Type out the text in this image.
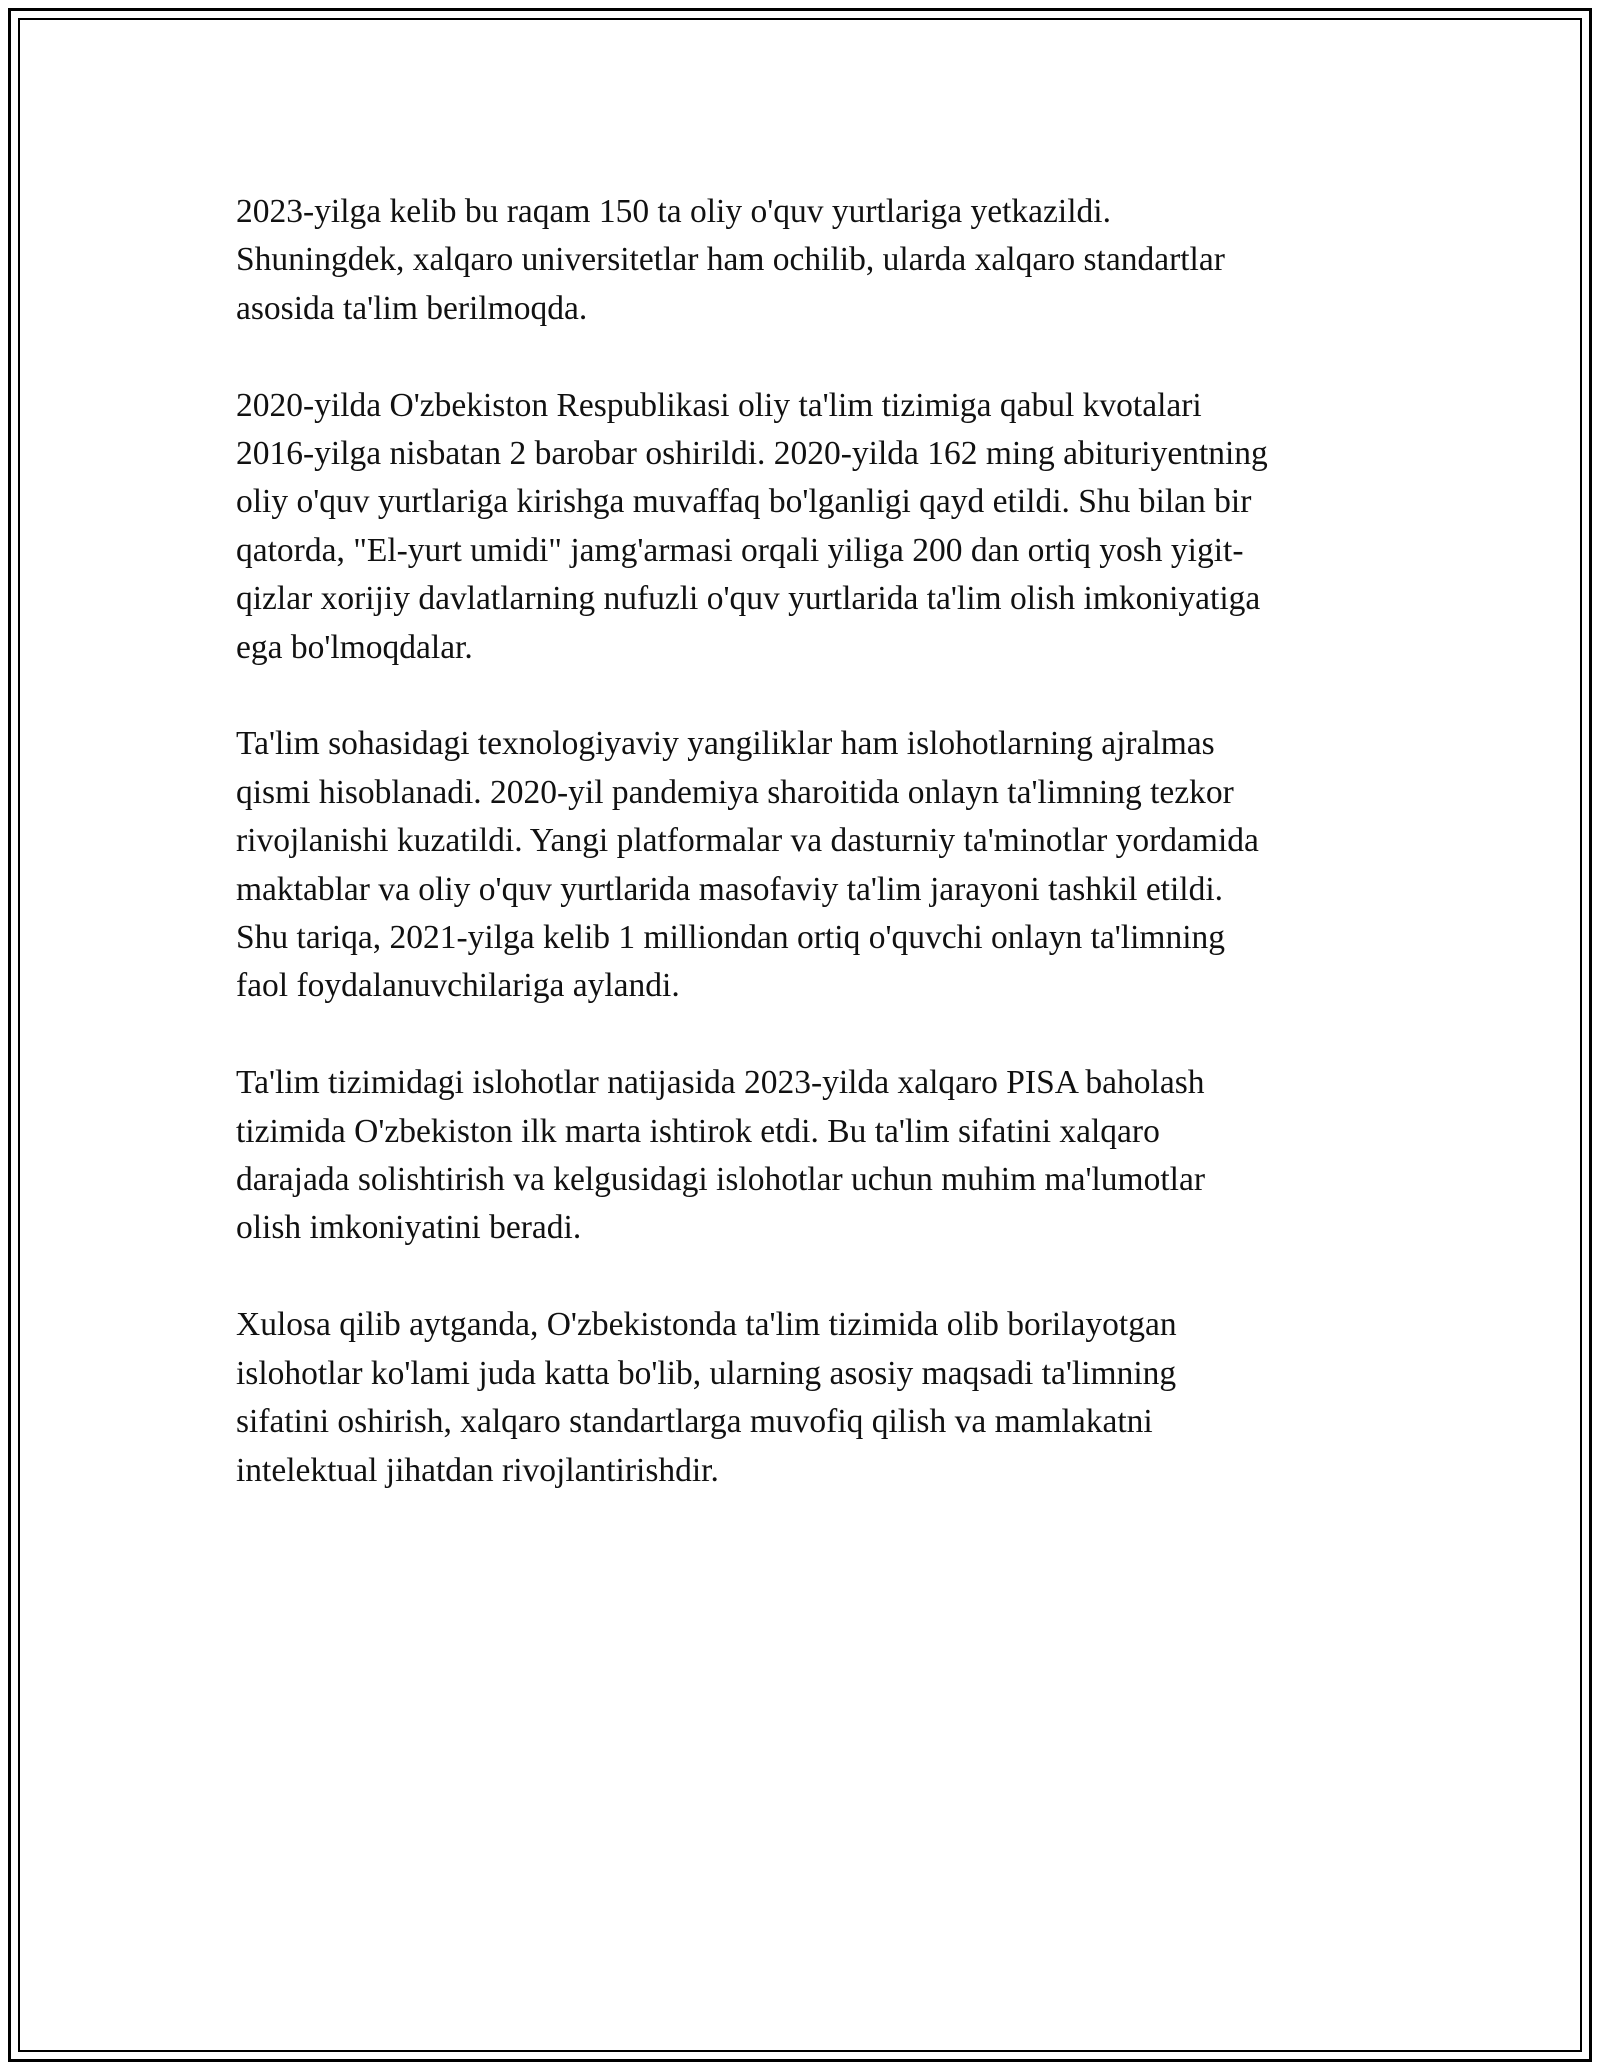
2023-yilga kelib bu raqam 150 ta oliy o'quv yurtlariga yetkazildi.
Shuningdek, xalqaro universitetlar ham ochilib, ularda xalqaro standartlar
asosida ta'lim berilmoqda.

2020-yilda O'zbekiston Respublikasi oliy ta'lim tizimiga qabul kvotalari
2016-yilga nisbatan 2 barobar oshirildi. 2020-yilda 162 ming abituriyentning
oliy o'quv yurtlariga kirishga muvaffaq bo'lganligi qayd etildi. Shu bilan bir
qatorda, "El-yurt umidi" jamg'armasi orqali yiliga 200 dan ortiq yosh yigit-
qizlar xorijiy davlatlarning nufuzli o'quv yurtlarida ta'lim olish imkoniyatiga
ega bo'lmoqdalar.

Ta'lim sohasidagi texnologiyaviy yangiliklar ham islohotlarning ajralmas
qismi hisoblanadi. 2020-yil pandemiya sharoitida onlayn ta'limning tezkor
rivojlanishi kuzatildi. Yangi platformalar va dasturniy ta'minotlar yordamida
maktablar va oliy o'quv yurtlarida masofaviy ta'lim jarayoni tashkil etildi.
Shu tariqa, 2021-yilga kelib 1 milliondan ortiq o'quvchi onlayn ta'limning
faol foydalanuvchilariga aylandi.

Ta'lim tizimidagi islohotlar natijasida 2023-yilda xalqaro PISA baholash
tizimida O'zbekiston ilk marta ishtirok etdi. Bu ta'lim sifatini xalqaro
darajada solishtirish va kelgusidagi islohotlar uchun muhim ma'lumotlar
olish imkoniyatini beradi.

Xulosa qilib aytganda, O'zbekistonda ta'lim tizimida olib borilayotgan
islohotlar ko'lami juda katta bo'lib, ularning asosiy maqsadi ta'limning
sifatini oshirish, xalqaro standartlarga muvofiq qilish va mamlakatni
intelektual jihatdan rivojlantirishdir.
